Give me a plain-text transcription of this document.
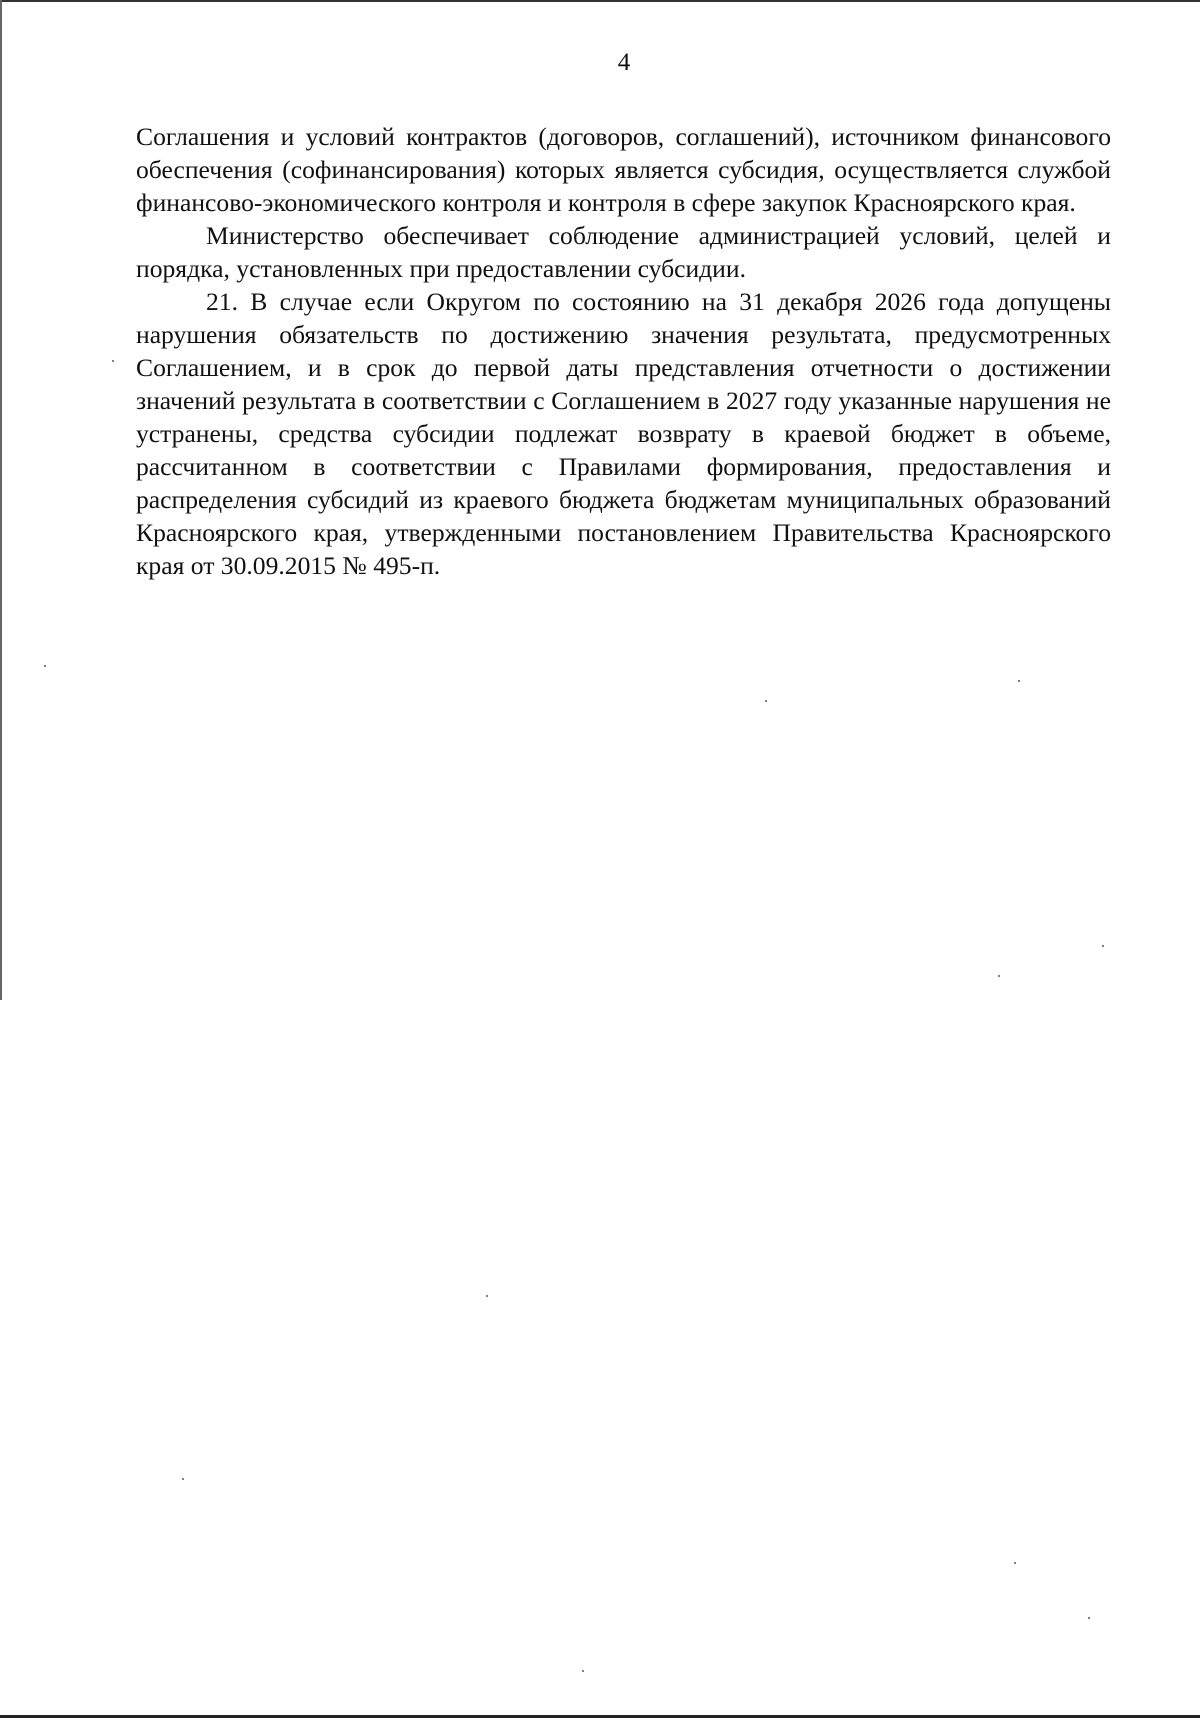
4

Соглашения и условий контрактов (договоров, соглашений), источником финансового обеспечения (софинансирования) которых является субсидия, осуществляется службой финансово-экономического контроля и контроля в сфере закупок Красноярского края.

Министерство обеспечивает соблюдение администрацией условий, целей и порядка, установленных при предоставлении субсидии.

21. В случае если Округом по состоянию на 31 декабря 2026 года допущены нарушения обязательств по достижению значения результата, предусмотренных Соглашением, и в срок до первой даты представления отчетности о достижении значений результата в соответствии с Соглашением в 2027 году указанные нарушения не устранены, средства субсидии подлежат возврату в краевой бюджет в объеме, рассчитанном в соответствии с Правилами формирования, предоставления и распределения субсидий из краевого бюджета бюджетам муниципальных образований Красноярского края, утвержденными постановлением Правительства Красноярского края от 30.09.2015 № 495-п.
